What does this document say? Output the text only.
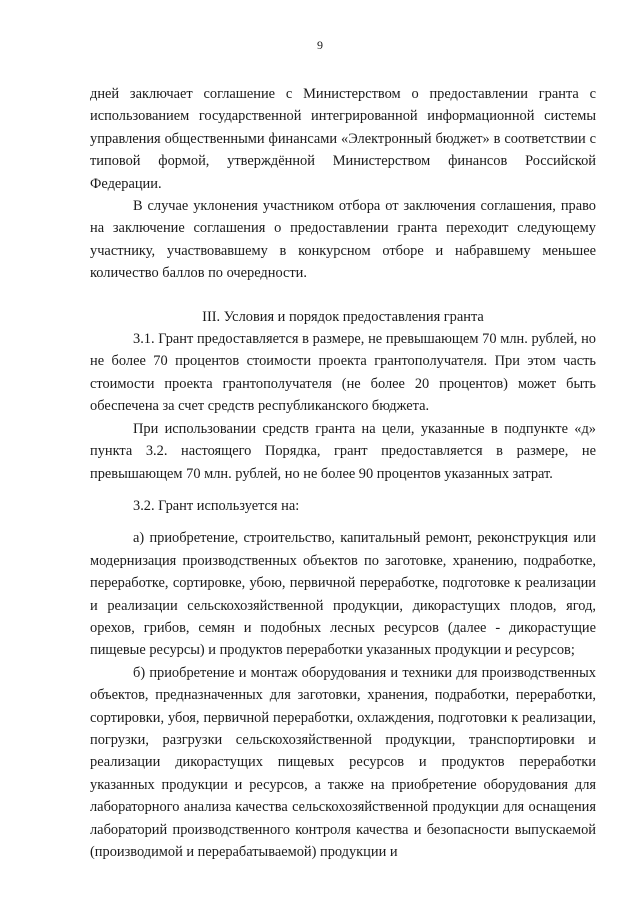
9

дней заключает соглашение с Министерством о предоставлении гранта с использованием государственной интегрированной информационной системы управления общественными финансами «Электронный бюджет» в соответствии с типовой формой, утверждённой Министерством финансов Российской Федерации.

В случае уклонения участником отбора от заключения соглашения, право на заключение соглашения о предоставлении гранта переходит следующему участнику, участвовавшему в конкурсном отборе и набравшему меньшее количество баллов по очередности.

III. Условия и порядок предоставления гранта

3.1. Грант предоставляется в размере, не превышающем 70 млн. рублей, но не более 70 процентов стоимости проекта грантополучателя. При этом часть стоимости проекта грантополучателя (не более 20 процентов) может быть обеспечена за счет средств республиканского бюджета.

При использовании средств гранта на цели, указанные в подпункте «д» пункта 3.2. настоящего Порядка, грант предоставляется в размере, не превышающем 70 млн. рублей, но не более 90 процентов указанных затрат.

3.2. Грант используется на:

а) приобретение, строительство, капитальный ремонт, реконструкция или модернизация производственных объектов по заготовке, хранению, подработке, переработке, сортировке, убою, первичной переработке, подготовке к реализации и реализации сельскохозяйственной продукции, дикорастущих плодов, ягод, орехов, грибов, семян и подобных лесных ресурсов (далее - дикорастущие пищевые ресурсы) и продуктов переработки указанных продукции и ресурсов;

б) приобретение и монтаж оборудования и техники для производственных объектов, предназначенных для заготовки, хранения, подработки, переработки, сортировки, убоя, первичной переработки, охлаждения, подготовки к реализации, погрузки, разгрузки сельскохозяйственной продукции, транспортировки и реализации дикорастущих пищевых ресурсов и продуктов переработки указанных продукции и ресурсов, а также на приобретение оборудования для лабораторного анализа качества сельскохозяйственной продукции для оснащения лабораторий производственного контроля качества и безопасности выпускаемой (производимой и перерабатываемой) продукции и
